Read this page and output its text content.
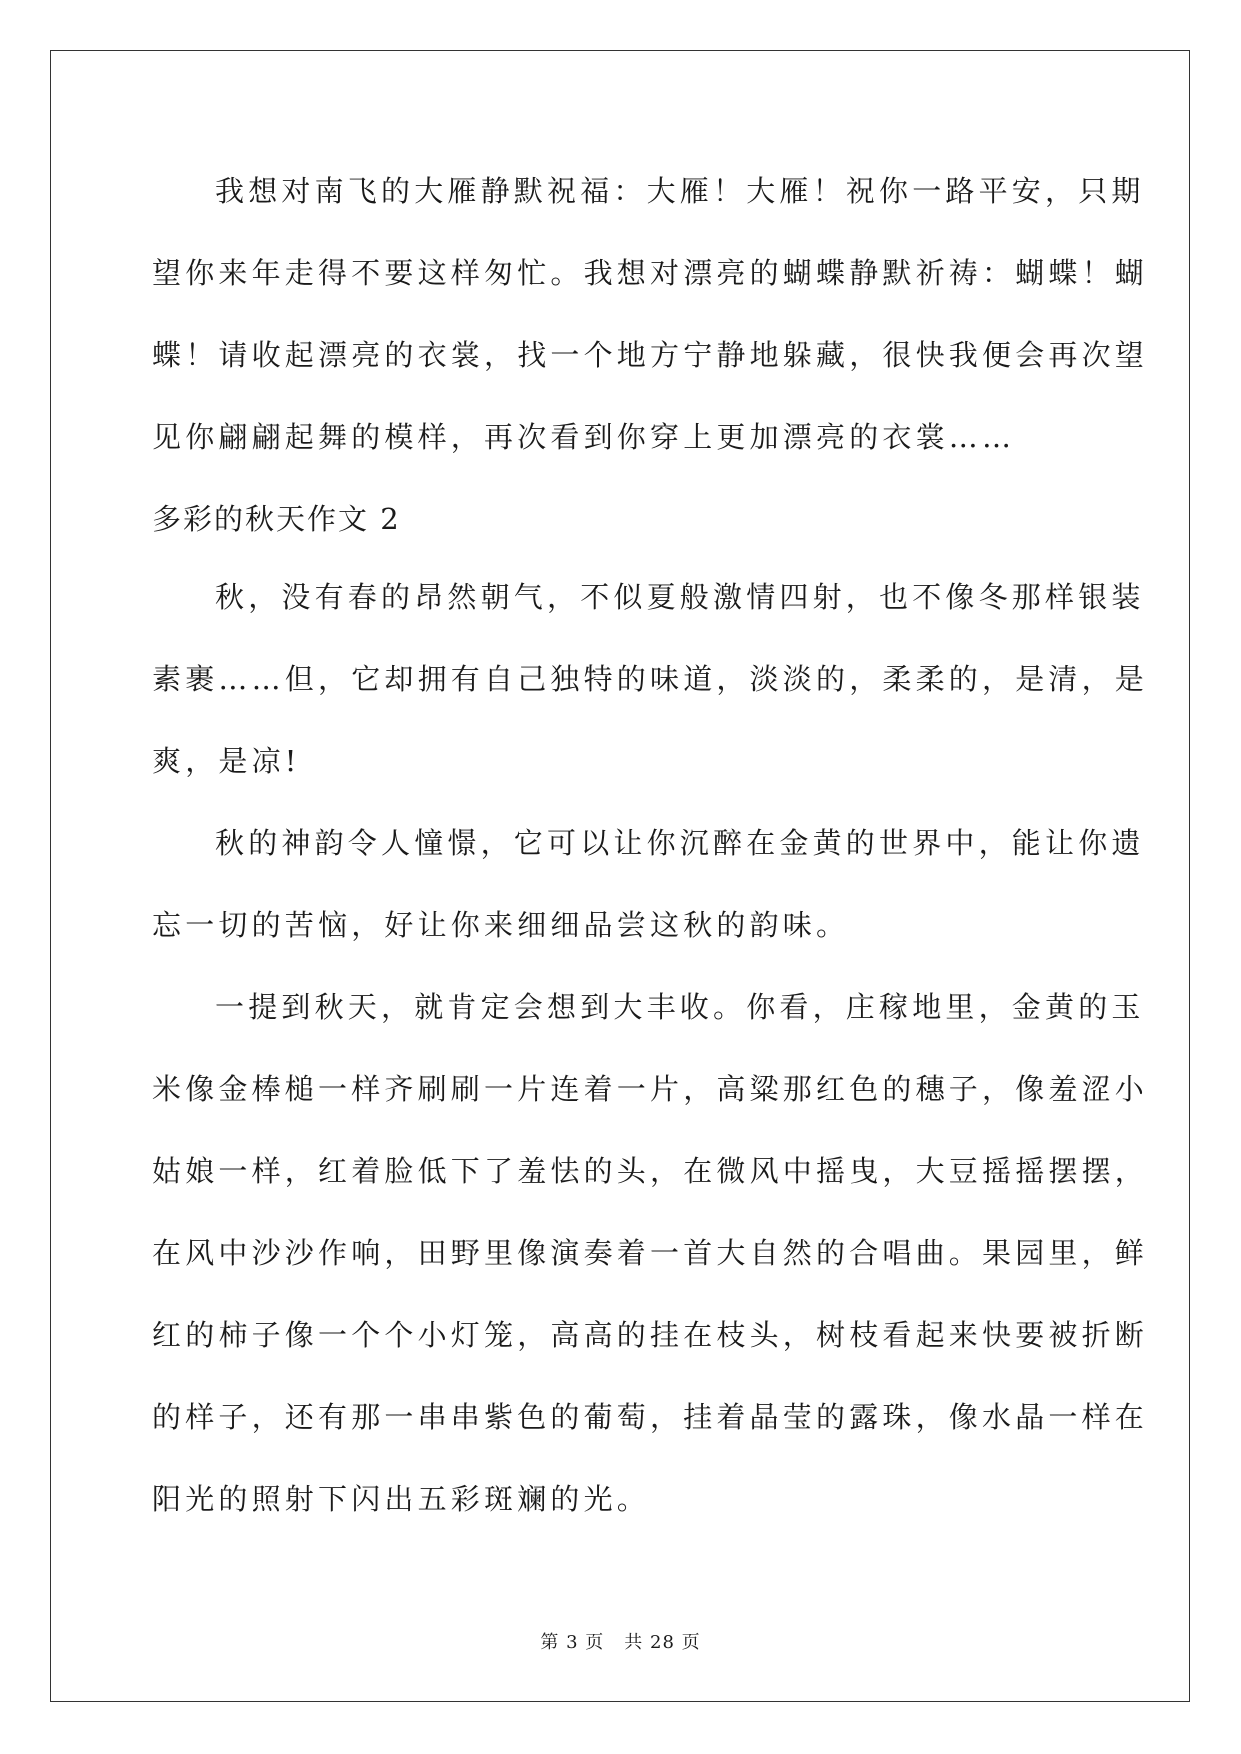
我想对南飞的大雁静默祝福：大雁！大雁！祝你一路平安，只期
望你来年走得不要这样匆忙。我想对漂亮的蝴蝶静默祈祷：蝴蝶！蝴
蝶！请收起漂亮的衣裳，找一个地方宁静地躲藏，很快我便会再次望
见你翩翩起舞的模样，再次看到你穿上更加漂亮的衣裳……
多彩的秋天作文 2
秋，没有春的昂然朝气，不似夏般激情四射，也不像冬那样银装
素裹……但，它却拥有自己独特的味道，淡淡的，柔柔的，是清，是
爽，是凉!
秋的神韵令人憧憬，它可以让你沉醉在金黄的世界中，能让你遗
忘一切的苦恼，好让你来细细品尝这秋的韵味。
一提到秋天，就肯定会想到大丰收。你看，庄稼地里，金黄的玉
米像金棒槌一样齐刷刷一片连着一片，高粱那红色的穗子，像羞涩小
姑娘一样，红着脸低下了羞怯的头，在微风中摇曳，大豆摇摇摆摆，
在风中沙沙作响，田野里像演奏着一首大自然的合唱曲。果园里，鲜
红的柿子像一个个小灯笼，高高的挂在枝头，树枝看起来快要被折断
的样子，还有那一串串紫色的葡萄，挂着晶莹的露珠，像水晶一样在
阳光的照射下闪出五彩斑斓的光。
第 3 页 共 28 页
